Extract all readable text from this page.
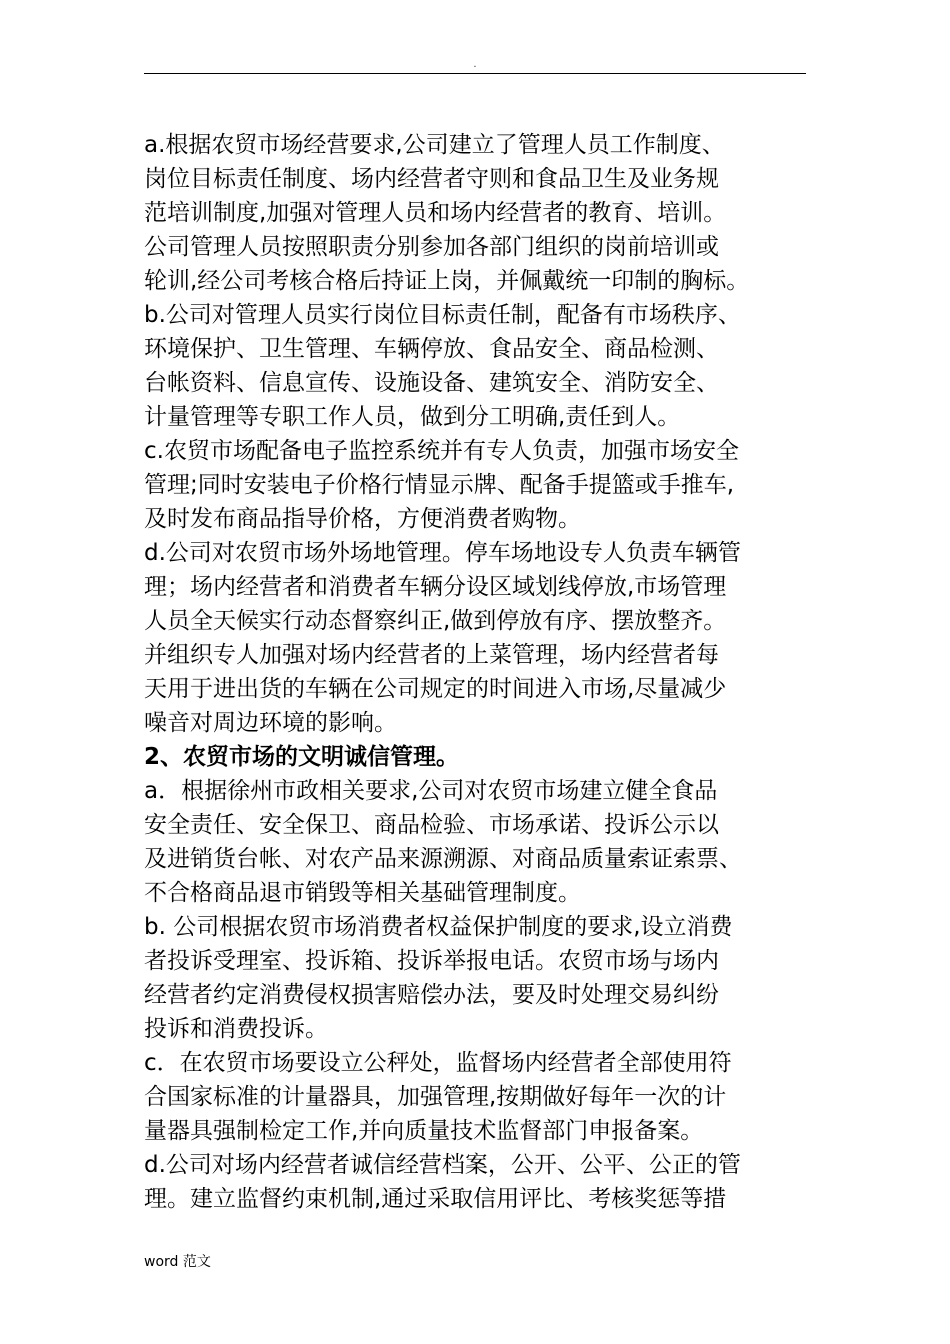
.
a.根据农贸市场经营要求,公司建立了管理人员工作制度、
岗位目标责任制度、场内经营者守则和食品卫生及业务规
范培训制度,加强对管理人员和场内经营者的教育、培训。
公司管理人员按照职责分别参加各部门组织的岗前培训或
轮训,经公司考核合格后持证上岗，并佩戴统一印制的胸标。
b.公司对管理人员实行岗位目标责任制，配备有市场秩序、
环境保护、卫生管理、车辆停放、食品安全、商品检测、
台帐资料、信息宣传、设施设备、建筑安全、消防安全、
计量管理等专职工作人员，做到分工明确,责任到人。
c.农贸市场配备电子监控系统并有专人负责，加强市场安全
管理;同时安装电子价格行情显示牌、配备手提篮或手推车,
及时发布商品指导价格，方便消费者购物。
d.公司对农贸市场外场地管理。停车场地设专人负责车辆管
理；场内经营者和消费者车辆分设区域划线停放,市场管理
人员全天候实行动态督察纠正,做到停放有序、摆放整齐。
并组织专人加强对场内经营者的上菜管理，场内经营者每
天用于进出货的车辆在公司规定的时间进入市场,尽量减少
噪音对周边环境的影响。
2、农贸市场的文明诚信管理。
a．根据徐州市政相关要求,公司对农贸市场建立健全食品
安全责任、安全保卫、商品检验、市场承诺、投诉公示以
及进销货台帐、对农产品来源溯源、对商品质量索证索票、
不合格商品退市销毁等相关基础管理制度。
b. 公司根据农贸市场消费者权益保护制度的要求,设立消费
者投诉受理室、投诉箱、投诉举报电话。农贸市场与场内
经营者约定消费侵权损害赔偿办法，要及时处理交易纠纷
投诉和消费投诉。
c．在农贸市场要设立公秤处，监督场内经营者全部使用符
合国家标准的计量器具，加强管理,按期做好每年一次的计
量器具强制检定工作,并向质量技术监督部门申报备案。
d.公司对场内经营者诚信经营档案，公开、公平、公正的管
理。建立监督约束机制,通过采取信用评比、考核奖惩等措
word 范文
